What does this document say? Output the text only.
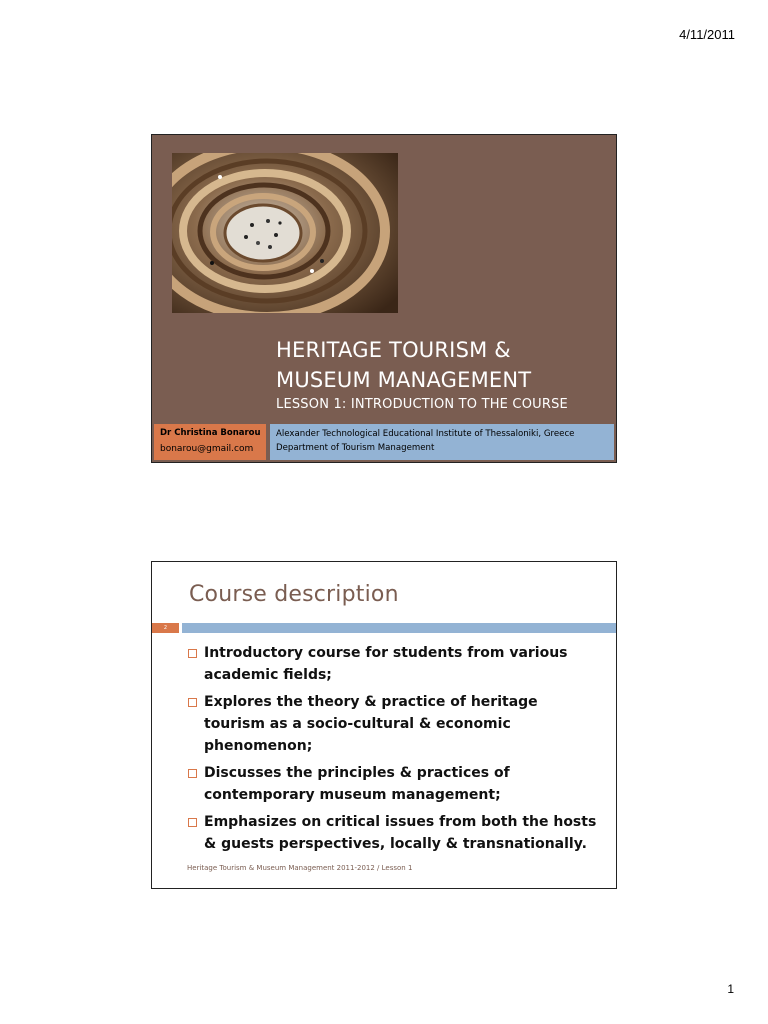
4/11/2011
HERITAGE TOURISM &
MUSEUM MANAGEMENT
LESSON 1: INTRODUCTION TO THE COURSE
Dr Christina Bonarou
bonarou@gmail.com
Alexander Technological Educational Institute of Thessaloniki, Greece
Department of Tourism Management
Course description
2
Introductory course for students from various academic fields;
Explores the theory & practice of heritage tourism as a socio-cultural & economic phenomenon;
Discusses the principles & practices of contemporary museum management;
Emphasizes on critical issues from both the hosts & guests perspectives, locally & transnationally.
Heritage Tourism & Museum Management 2011-2012 / Lesson 1
1
